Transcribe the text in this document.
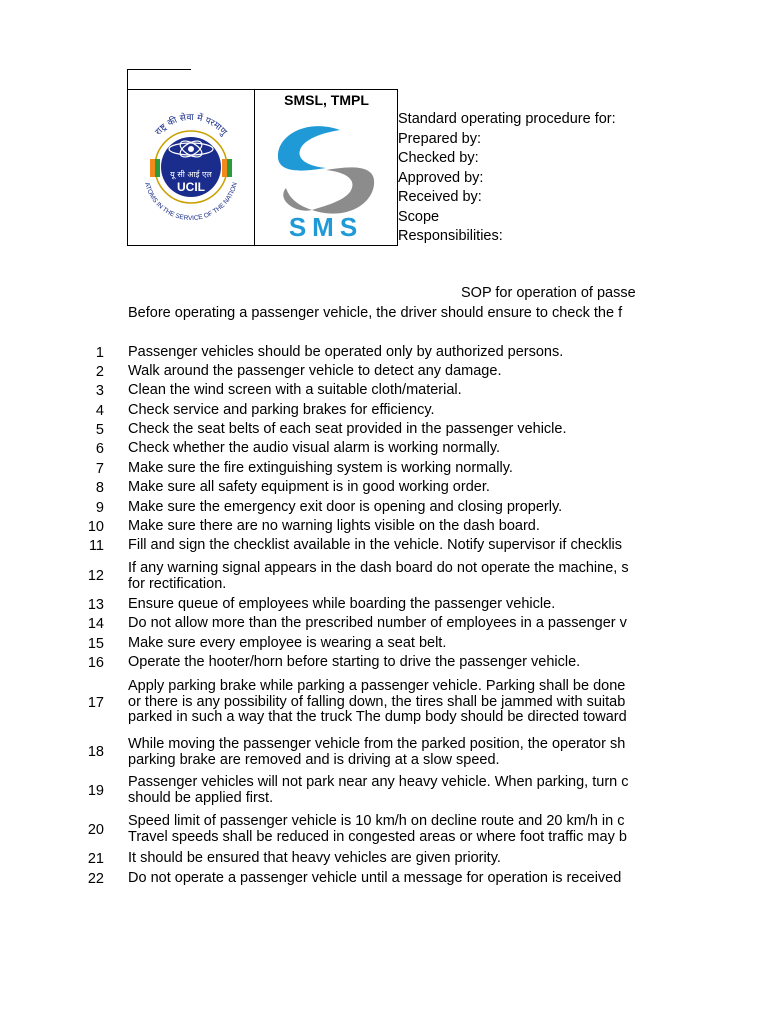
राष्ट्र की सेवा में परमाणु
यू सी आई एल
UCIL
ATOMS IN THE SERVICE OF THE NATION
SMSL, TMPL
SMS
Standard operating procedure for:
Prepared by:
Checked by:
Approved by:
Received by:
Scope
Responsibilities:
SOP for operation of passe
Before operating a passenger vehicle, the driver should ensure to check the f
1 Passenger vehicles should be operated only by authorized persons.
2 Walk around the passenger vehicle to detect any damage.
3 Clean the wind screen with a suitable cloth/material.
4 Check service and parking brakes for efficiency.
5 Check the seat belts of each seat provided in the passenger vehicle.
6 Check whether the audio visual alarm is working normally.
7 Make sure the fire extinguishing system is working normally.
8 Make sure all safety equipment is in good working order.
9 Make sure the emergency exit door is opening and closing properly.
10 Make sure there are no warning lights visible on the dash board.
11 Fill and sign the checklist available in the vehicle. Notify supervisor if checklis
12 If any warning signal appears in the dash board do not operate the machine, s
for rectification.
13 Ensure queue of employees while boarding the passenger vehicle.
14 Do not allow more than the prescribed number of employees in a passenger v
15 Make sure every employee is wearing a seat belt.
16 Operate the hooter/horn before starting to drive the passenger vehicle.
17
Apply parking brake while parking a passenger vehicle. Parking shall be done
or there is any possibility of falling down, the tires shall be jammed with suitab
parked in such a way that the truck The dump body should be directed toward
18 While moving the passenger vehicle from the parked position, the operator sh
parking brake are removed and is driving at a slow speed.
19
Passenger vehicles will not park near any heavy vehicle. When parking, turn c
should be applied first.
20
Speed limit of passenger vehicle is 10 km/h on decline route and 20 km/h in c
Travel speeds shall be reduced in congested areas or where foot traffic may b
21 It should be ensured that heavy vehicles are given priority.
22 Do not operate a passenger vehicle until a message for operation is received
